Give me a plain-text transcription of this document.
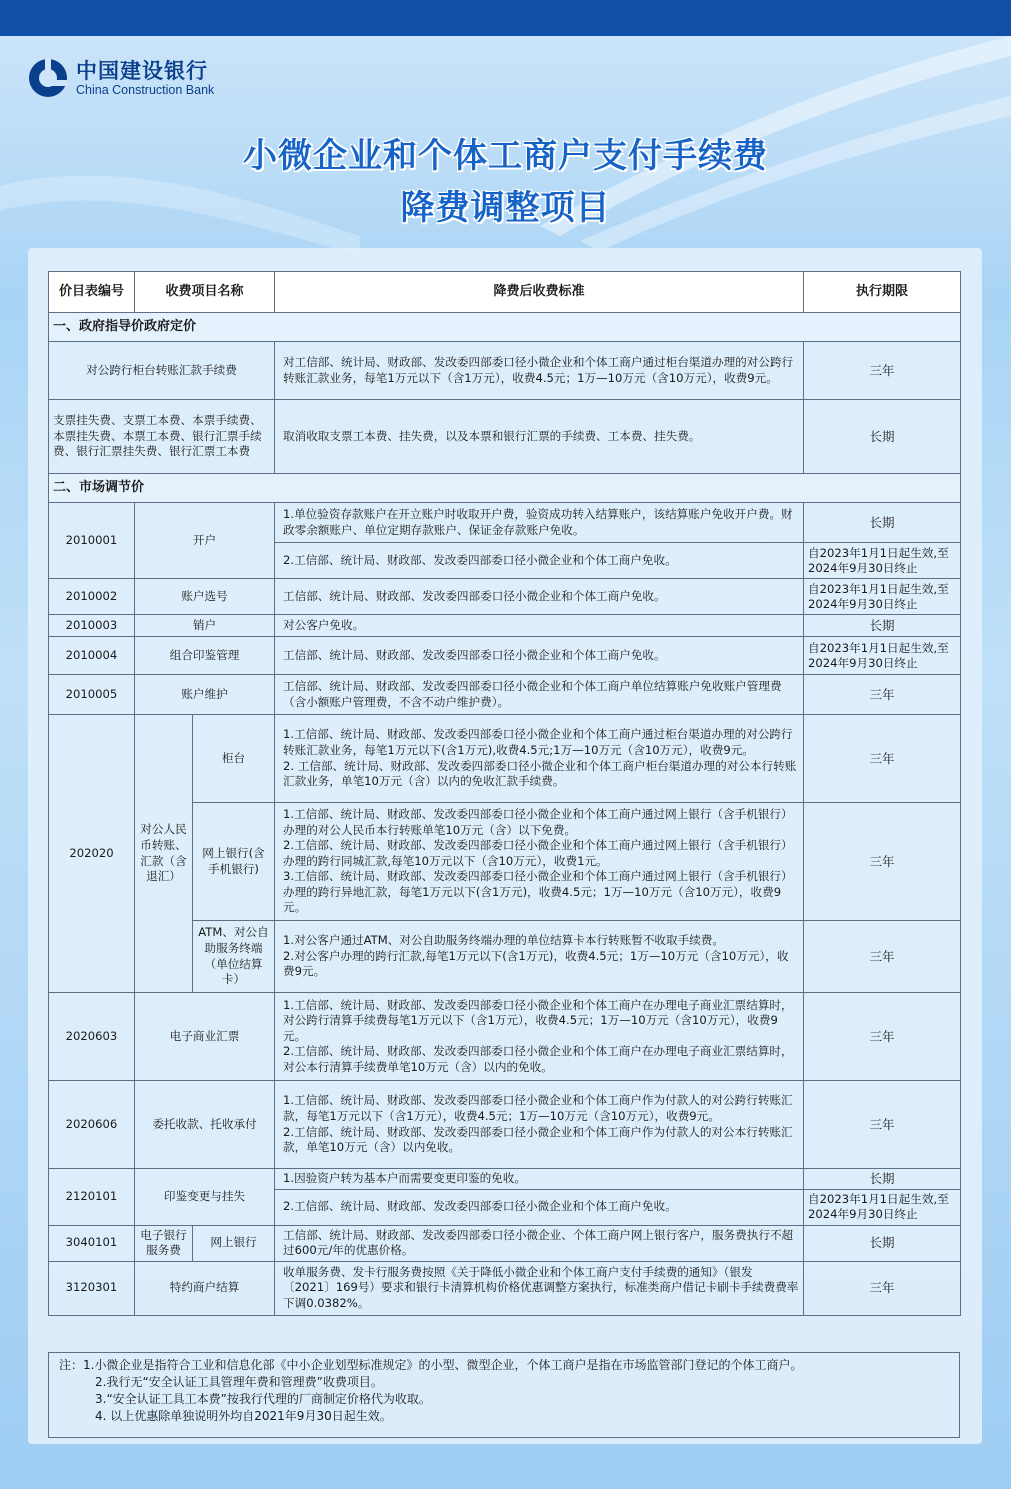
中国建设银行
China Construction Bank
小微企业和个体工商户支付手续费
降费调整项目
价目表编号	收费项目名称		降费后收费标准	执行期限
一、政府指导价政府定价				
对公跨行柜台转账汇款手续费			对工信部、统计局、财政部、发改委四部委口径小微企业和个体工商户通过柜台渠道办理的对公跨行转账汇款业务，每笔1万元以下（含1万元），收费4.5元；1万—10万元（含10万元），收费9元。	三年
支票挂失费、支票工本费、本票手续费、本票挂失费、本票工本费、银行汇票手续费、银行汇票挂失费、银行汇票工本费			取消收取支票工本费、挂失费，以及本票和银行汇票的手续费、工本费、挂失费。	长期
二、市场调节价				
2010001	开户		1.单位验资存款账户在开立账户时收取开户费，验资成功转入结算账户，该结算账户免收开户费。财政零余额账户、单位定期存款账户、保证金存款账户免收。	长期
			2.工信部、统计局、财政部、发改委四部委口径小微企业和个体工商户免收。	自2023年1月1日起生效,至2024年9月30日终止
2010002	账户选号		工信部、统计局、财政部、发改委四部委口径小微企业和个体工商户免收。	自2023年1月1日起生效,至2024年9月30日终止
2010003	销户		对公客户免收。	长期
2010004	组合印鉴管理		工信部、统计局、财政部、发改委四部委口径小微企业和个体工商户免收。	自2023年1月1日起生效,至2024年9月30日终止
2010005	账户维护		工信部、统计局、财政部、发改委四部委口径小微企业和个体工商户单位结算账户免收账户管理费（含小额账户管理费，不含不动户维护费）。	三年
202020	对公人民币转账、汇款（含退汇）	柜台	1.工信部、统计局、财政部、发改委四部委口径小微企业和个体工商户通过柜台渠道办理的对公跨行转账汇款业务，每笔1万元以下(含1万元),收费4.5元;1万—10万元（含10万元），收费9元。
2. 工信部、统计局、财政部、发改委四部委口径小微企业和个体工商户柜台渠道办理的对公本行转账汇款业务，单笔10万元（含）以内的免收汇款手续费。	三年
		网上银行(含手机银行)	1.工信部、统计局、财政部、发改委四部委口径小微企业和个体工商户通过网上银行（含手机银行）办理的对公人民币本行转账单笔10万元（含）以下免费。
2.工信部、统计局、财政部、发改委四部委口径小微企业和个体工商户通过网上银行（含手机银行）办理的跨行同城汇款,每笔10万元以下（含10万元），收费1元。
3.工信部、统计局、财政部、发改委四部委口径小微企业和个体工商户通过网上银行（含手机银行）办理的跨行异地汇款，每笔1万元以下(含1万元)，收费4.5元；1万—10万元（含10万元），收费9元。	三年
		ATM、对公自助服务终端（单位结算卡）	1.对公客户通过ATM、对公自助服务终端办理的单位结算卡本行转账暂不收取手续费。
2.对公客户办理的跨行汇款,每笔1万元以下(含1万元)，收费4.5元；1万—10万元（含10万元），收费9元。	三年
2020603	电子商业汇票		1.工信部、统计局、财政部、发改委四部委口径小微企业和个体工商户在办理电子商业汇票结算时，对公跨行清算手续费每笔1万元以下（含1万元），收费4.5元；1万—10万元（含10万元），收费9元。
2.工信部、统计局、财政部、发改委四部委口径小微企业和个体工商户在办理电子商业汇票结算时，对公本行清算手续费单笔10万元（含）以内的免收。	三年
2020606	委托收款、托收承付		1.工信部、统计局、财政部、发改委四部委口径小微企业和个体工商户作为付款人的对公跨行转账汇款，每笔1万元以下（含1万元），收费4.5元；1万—10万元（含10万元），收费9元。
2.工信部、统计局、财政部、发改委四部委口径小微企业和个体工商户作为付款人的对公本行转账汇款，单笔10万元（含）以内免收。	三年
2120101	印鉴变更与挂失		1.因验资户转为基本户而需要变更印鉴的免收。	长期
			2.工信部、统计局、财政部、发改委四部委口径小微企业和个体工商户免收。	自2023年1月1日起生效,至2024年9月30日终止
3040101	电子银行服务费	网上银行	工信部、统计局、财政部、发改委四部委口径小微企业、个体工商户网上银行客户，服务费执行不超过600元/年的优惠价格。	长期
3120301	特约商户结算		收单服务费、发卡行服务费按照《关于降低小微企业和个体工商户支付手续费的通知》（银发〔2021〕169号）要求和银行卡清算机构价格优惠调整方案执行，标准类商户借记卡刷卡手续费费率下调0.0382%。	三年
注：1.小微企业是指符合工业和信息化部《中小企业划型标准规定》的小型、微型企业，个体工商户是指在市场监管部门登记的个体工商户。
2.我行无“安全认证工具管理年费和管理费”收费项目。
3.“安全认证工具工本费”按我行代理的厂商制定价格代为收取。
4. 以上优惠除单独说明外均自2021年9月30日起生效。
